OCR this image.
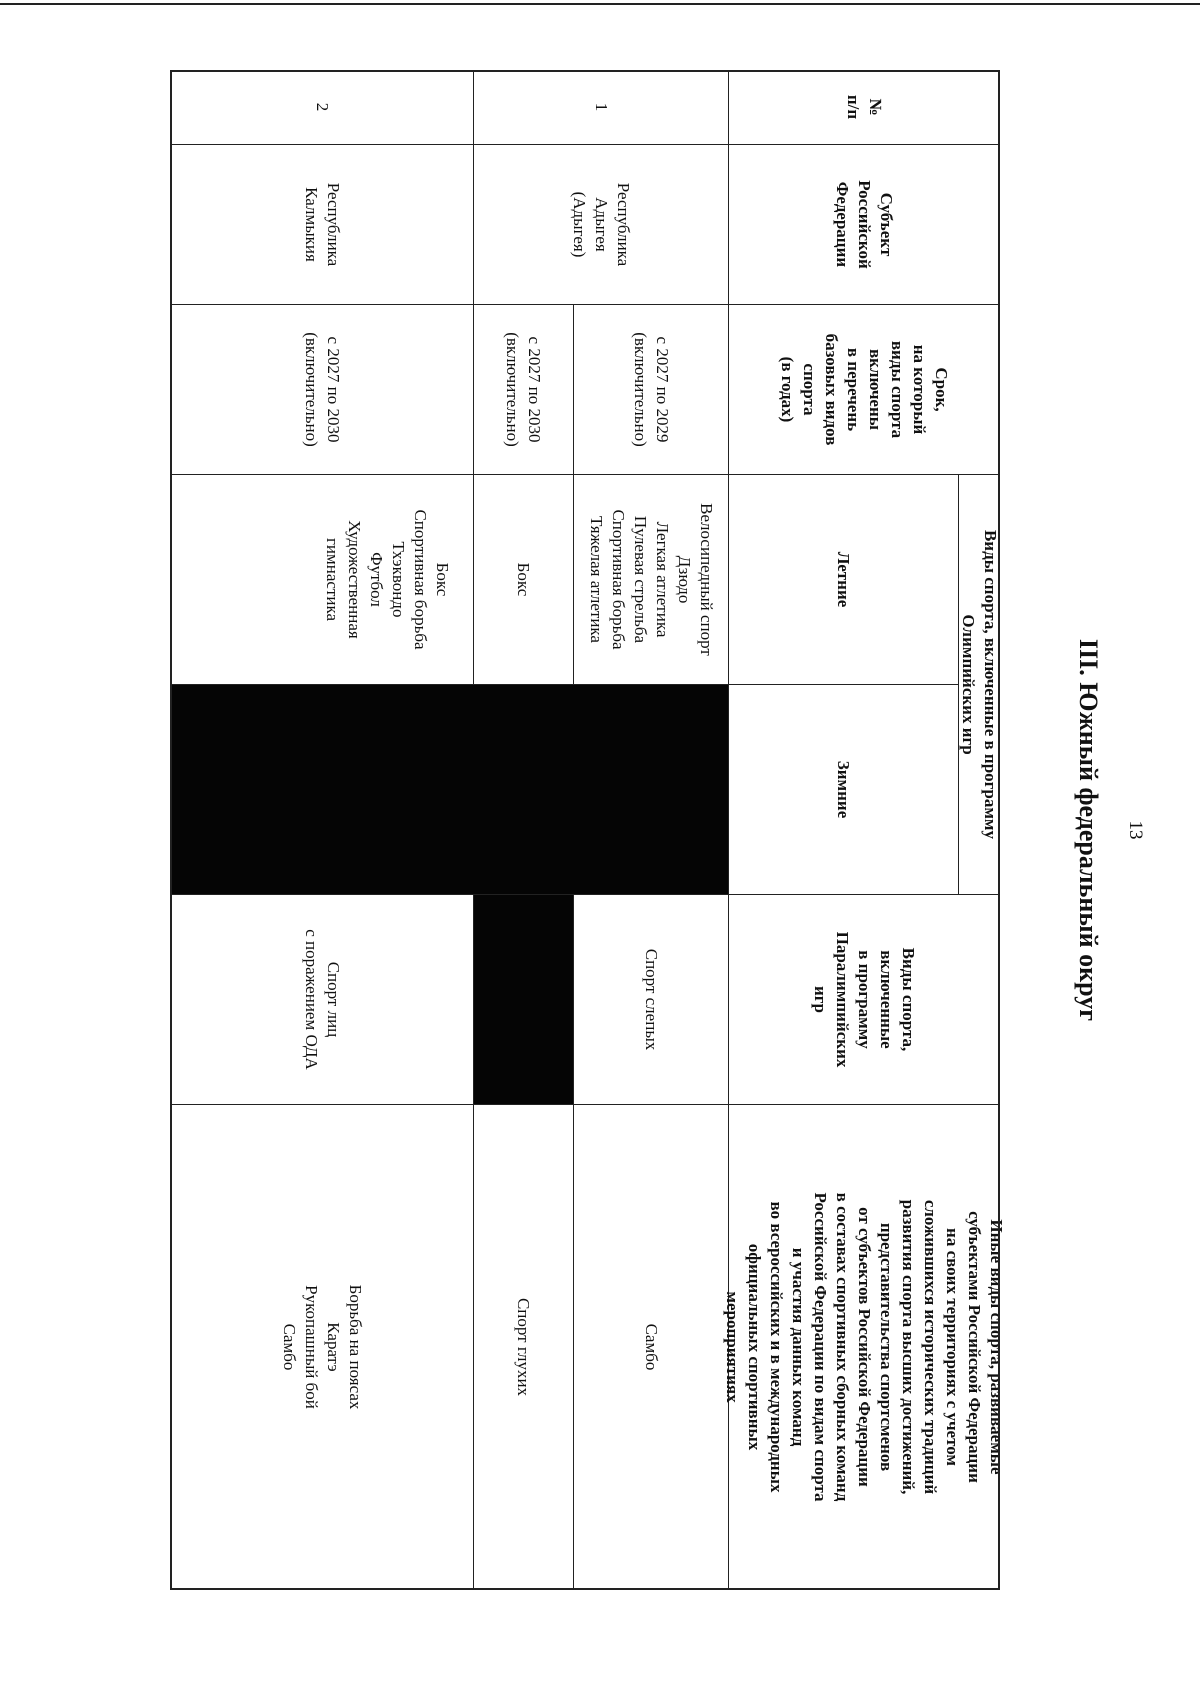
13
III. Южный федеральный округ
№
п/п
Субъект
Российской
Федерации
Срок,
на который
виды спорта
включены
в перечень
базовых видов
спорта
(в годах)
Виды спорта, включенные в программу
Олимпийских игр
Летние
Зимние
Виды спорта,
включенные
в программу
Паралимпийских
игр
Иные виды спорта, развиваемые
субъектами Российской Федерации
на своих территориях с учетом
сложившихся исторических традиций
развития спорта высших достижений,
представительства спортсменов
от субъектов Российской Федерации
в составах спортивных сборных команд
Российской Федерации по видам спорта
и участия данных команд
во всероссийских и в международных
официальных спортивных
мероприятиях
1
Республика
Адыгея
(Адыгея)
с 2027 по 2029
(включительно)
Велосипедный спорт
Дзюдо
Легкая атлетика
Пулевая стрельба
Спортивная борьба
Тяжелая атлетика
Самбо
с 2027 по 2030
(включительно)
Бокс
Спорт глухих
Спорт слепых
2
Республика
Калмыкия
с 2027 по 2030
(включительно)
Бокс
Спортивная борьба
Тхэквондо
Футбол
Художественная
гимнастика
Спорт лиц
с поражением ОДА
Борьба на поясах
Каратэ
Рукопашный бой
Самбо
